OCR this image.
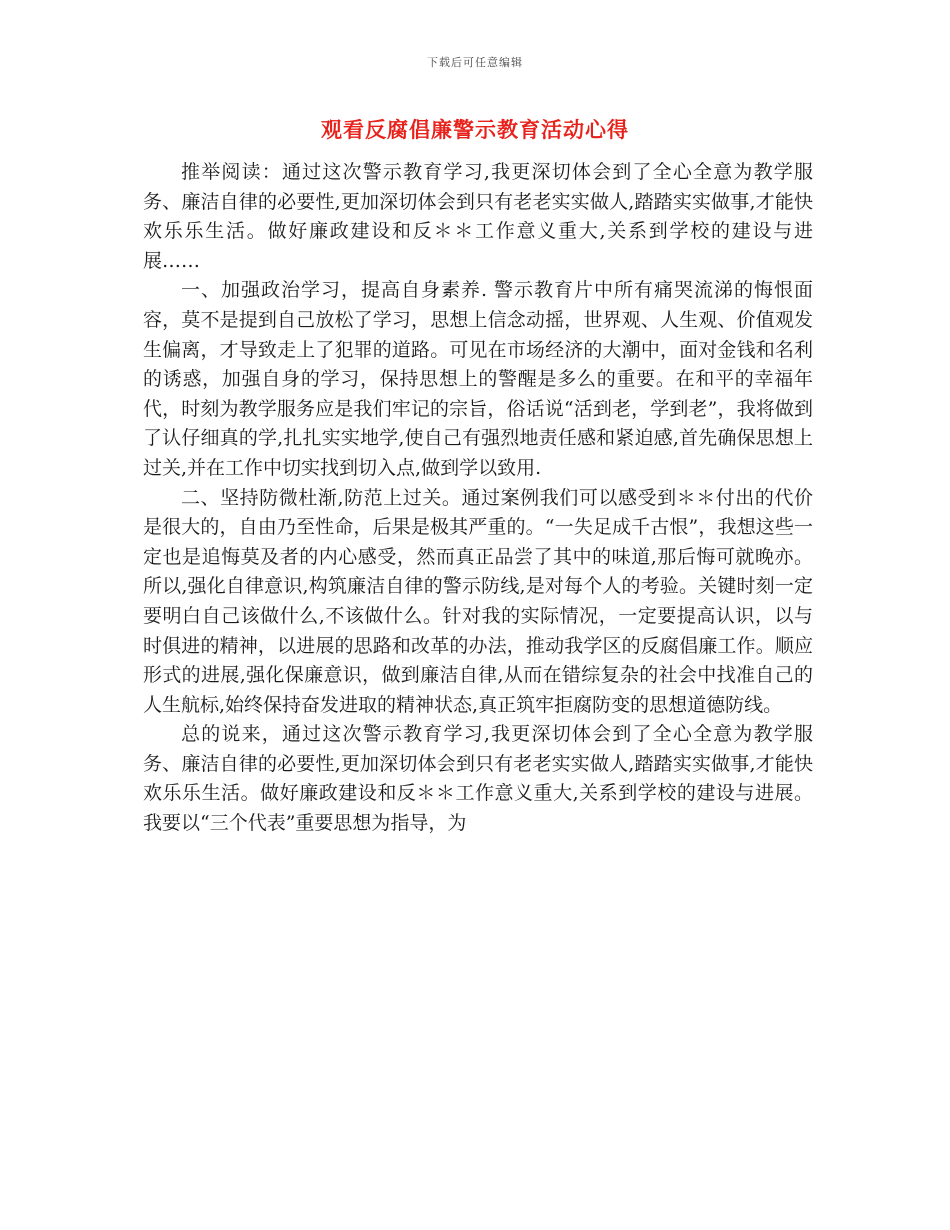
下载后可任意编辑
观看反腐倡廉警示教育活动心得

推举阅读：通过这次警示教育学习,我更深切体会到了全心全意为教学服务、廉洁自律的必要性,更加深切体会到只有老老实实做人,踏踏实实做事,才能快欢乐乐生活。做好廉政建设和反＊＊工作意义重大,关系到学校的建设与进展……

一、加强政治学习，提高自身素养. 警示教育片中所有痛哭流涕的悔恨面容，莫不是提到自己放松了学习，思想上信念动摇，世界观、人生观、价值观发生偏离，才导致走上了犯罪的道路。可见在市场经济的大潮中，面对金钱和名利的诱惑，加强自身的学习，保持思想上的警醒是多么的重要。在和平的幸福年代，时刻为教学服务应是我们牢记的宗旨，俗话说“活到老，学到老”，我将做到了认仔细真的学,扎扎实实地学,使自己有强烈地责任感和紧迫感,首先确保思想上过关,并在工作中切实找到切入点,做到学以致用.

二、坚持防微杜渐,防范上过关。通过案例我们可以感受到＊＊付出的代价是很大的，自由乃至性命，后果是极其严重的。“一失足成千古恨”，我想这些一定也是追悔莫及者的内心感受，然而真正品尝了其中的味道,那后悔可就晚亦。所以,强化自律意识,构筑廉洁自律的警示防线,是对每个人的考验。关键时刻一定要明白自己该做什么,不该做什么。针对我的实际情况，一定要提高认识，以与时俱进的精神，以进展的思路和改革的办法，推动我学区的反腐倡廉工作。顺应形式的进展,强化保廉意识，做到廉洁自律,从而在错综复杂的社会中找准自己的人生航标,始终保持奋发进取的精神状态,真正筑牢拒腐防变的思想道德防线。

总的说来，通过这次警示教育学习,我更深切体会到了全心全意为教学服务、廉洁自律的必要性,更加深切体会到只有老老实实做人,踏踏实实做事,才能快欢乐乐生活。做好廉政建设和反＊＊工作意义重大,关系到学校的建设与进展。我要以“三个代表”重要思想为指导，为
